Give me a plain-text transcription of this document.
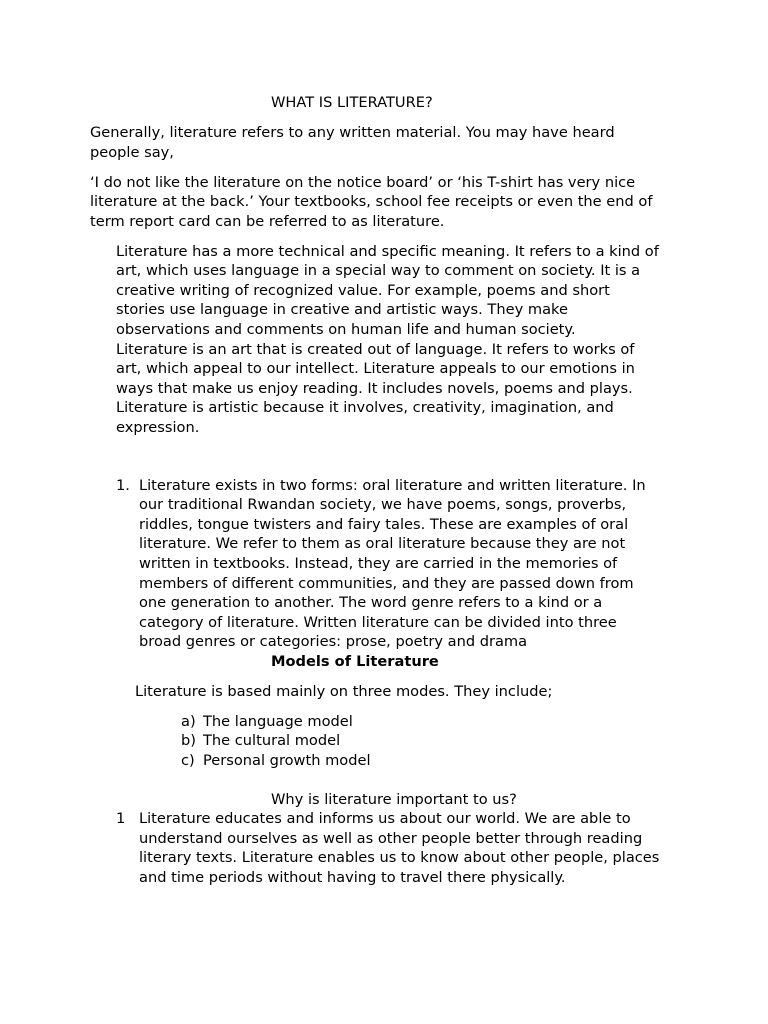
WHAT IS LITERATURE?
Generally, literature refers to any written material. You may have heard
people say,
‘I do not like the literature on the notice board’ or ‘his T-shirt has very nice
literature at the back.’ Your textbooks, school fee receipts or even the end of
term report card can be referred to as literature.
Literature has a more technical and specific meaning. It refers to a kind of
art, which uses language in a special way to comment on society. It is a
creative writing of recognized value. For example, poems and short
stories use language in creative and artistic ways. They make
observations and comments on human life and human society.
Literature is an art that is created out of language. It refers to works of
art, which appeal to our intellect. Literature appeals to our emotions in
ways that make us enjoy reading. It includes novels, poems and plays.
Literature is artistic because it involves, creativity, imagination, and
expression.
1. Literature exists in two forms: oral literature and written literature. In
our traditional Rwandan society, we have poems, songs, proverbs,
riddles, tongue twisters and fairy tales. These are examples of oral
literature. We refer to them as oral literature because they are not
written in textbooks. Instead, they are carried in the memories of
members of different communities, and they are passed down from
one generation to another. The word genre refers to a kind or a
category of literature. Written literature can be divided into three
broad genres or categories: prose, poetry and drama
Models of Literature
Literature is based mainly on three modes. They include;
a) The language model
b) The cultural model
c) Personal growth model
Why is literature important to us?
1 Literature educates and informs us about our world. We are able to
understand ourselves as well as other people better through reading
literary texts. Literature enables us to know about other people, places
and time periods without having to travel there physically.
